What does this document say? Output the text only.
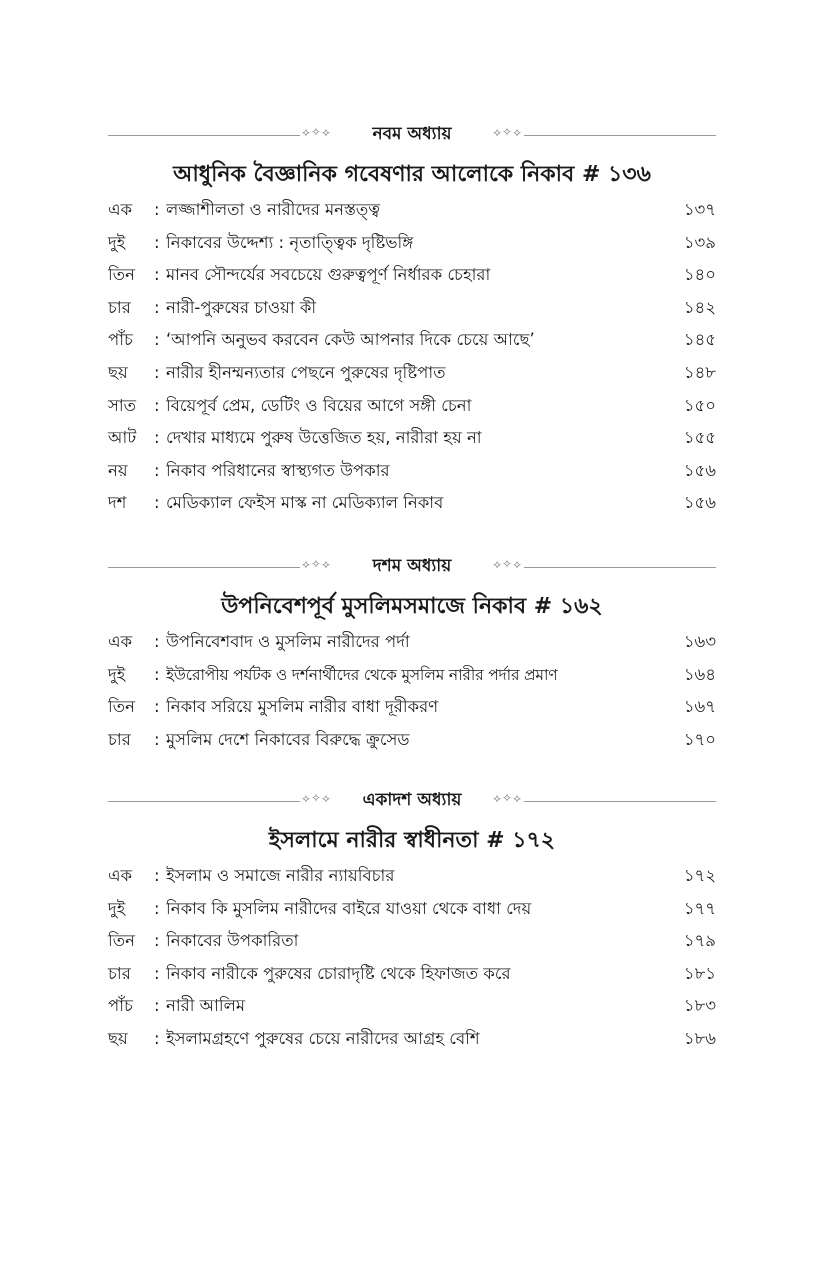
⟡✧⟡	নবম অধ্যায়	⟡✧⟡
আধুনিক বৈজ্ঞানিক গবেষণার আলোকে নিকাব # ১৩৬
এক	: লজ্জাশীলতা ও নারীদের মনস্তত্ত্ব	১৩৭
দুই	: নিকাবের উদ্দেশ্য : নৃতাত্ত্বিক দৃষ্টিভঙ্গি	১৩৯
তিন	: মানব সৌন্দর্যের সবচেয়ে গুরুত্বপূর্ণ নির্ধারক চেহারা	১৪০
চার	: নারী-পুরুষের চাওয়া কী	১৪২
পাঁচ	: ‘আপনি অনুভব করবেন কেউ আপনার দিকে চেয়ে আছে’	১৪৫
ছয়	: নারীর হীনম্মন্যতার পেছনে পুরুষের দৃষ্টিপাত	১৪৮
সাত	: বিয়েপূর্ব প্রেম, ডেটিং ও বিয়ের আগে সঙ্গী চেনা	১৫০
আট	: দেখার মাধ্যমে পুরুষ উত্তেজিত হয়, নারীরা হয় না	১৫৫
নয়	: নিকাব পরিধানের স্বাস্থ্যগত উপকার	১৫৬
দশ	: মেডিক্যাল ফেইস মাস্ক না মেডিক্যাল নিকাব	১৫৬
⟡✧⟡	দশম অধ্যায়	⟡✧⟡
উপনিবেশপূর্ব মুসলিমসমাজে নিকাব # ১৬২
এক	: উপনিবেশবাদ ও মুসলিম নারীদের পর্দা	১৬৩
দুই	: ইউরোপীয় পর্যটক ও দর্শনার্থীদের থেকে মুসলিম নারীর পর্দার প্রমাণ	১৬৪
তিন	: নিকাব সরিয়ে মুসলিম নারীর বাধা দূরীকরণ	১৬৭
চার	: মুসলিম দেশে নিকাবের বিরুদ্ধে ক্রুসেড	১৭০
⟡✧⟡	একাদশ অধ্যায়	⟡✧⟡
ইসলামে নারীর স্বাধীনতা # ১৭২
এক	: ইসলাম ও সমাজে নারীর ন্যায়বিচার	১৭২
দুই	: নিকাব কি মুসলিম নারীদের বাইরে যাওয়া থেকে বাধা দেয়	১৭৭
তিন	: নিকাবের উপকারিতা	১৭৯
চার	: নিকাব নারীকে পুরুষের চোরাদৃষ্টি থেকে হিফাজত করে	১৮১
পাঁচ	: নারী আলিম	১৮৩
ছয়	: ইসলামগ্রহণে পুরুষের চেয়ে নারীদের আগ্রহ বেশি	১৮৬
